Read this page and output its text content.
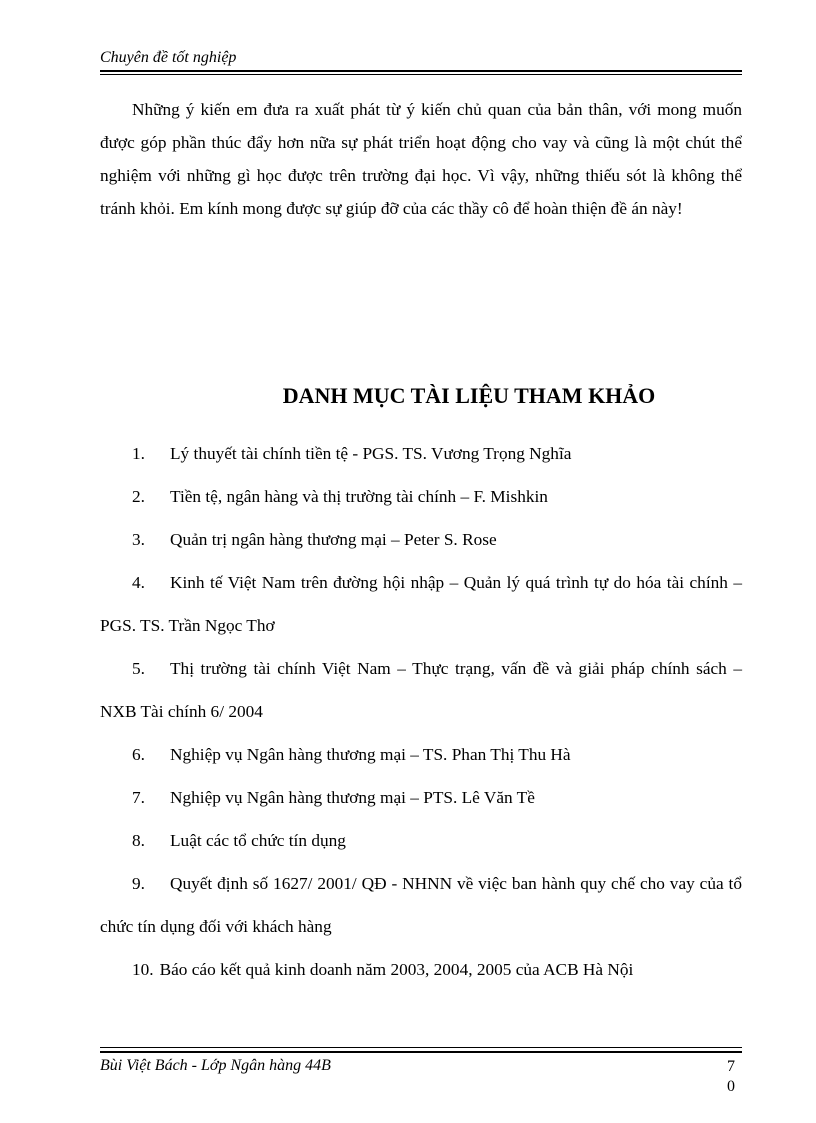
Chuyên đề tốt nghiệp

Những ý kiến em đưa ra xuất phát từ ý kiến chủ quan của bản thân, với mong muốn được góp phần thúc đẩy hơn nữa sự phát triển hoạt động cho vay và cũng là một chút thể nghiệm với những gì học được trên trường đại học. Vì vậy, những thiếu sót là không thể tránh khỏi. Em kính mong được sự giúp đỡ của các thầy cô để hoàn thiện đề án này!

DANH MỤC TÀI LIỆU THAM KHẢO

1. Lý thuyết tài chính tiền tệ - PGS. TS. Vương Trọng Nghĩa

2. Tiền tệ, ngân hàng và thị trường tài chính – F. Mishkin

3. Quản trị ngân hàng thương mại – Peter S. Rose

4. Kinh tế Việt Nam trên đường hội nhập – Quản lý quá trình tự do hóa tài chính – PGS. TS. Trần Ngọc Thơ

5. Thị trường tài chính Việt Nam – Thực trạng, vấn đề và giải pháp chính sách – NXB Tài chính 6/ 2004

6. Nghiệp vụ Ngân hàng thương mại – TS. Phan Thị Thu Hà

7. Nghiệp vụ Ngân hàng thương mại – PTS. Lê Văn Tề

8. Luật các tổ chức tín dụng

9. Quyết định số 1627/ 2001/ QĐ - NHNN về việc ban hành quy chế cho vay của tổ chức tín dụng đối với khách hàng

10. Báo cáo kết quả kinh doanh năm 2003, 2004, 2005 của ACB Hà Nội

Bùi Việt Bách - Lớp Ngân hàng 44B	7
0
